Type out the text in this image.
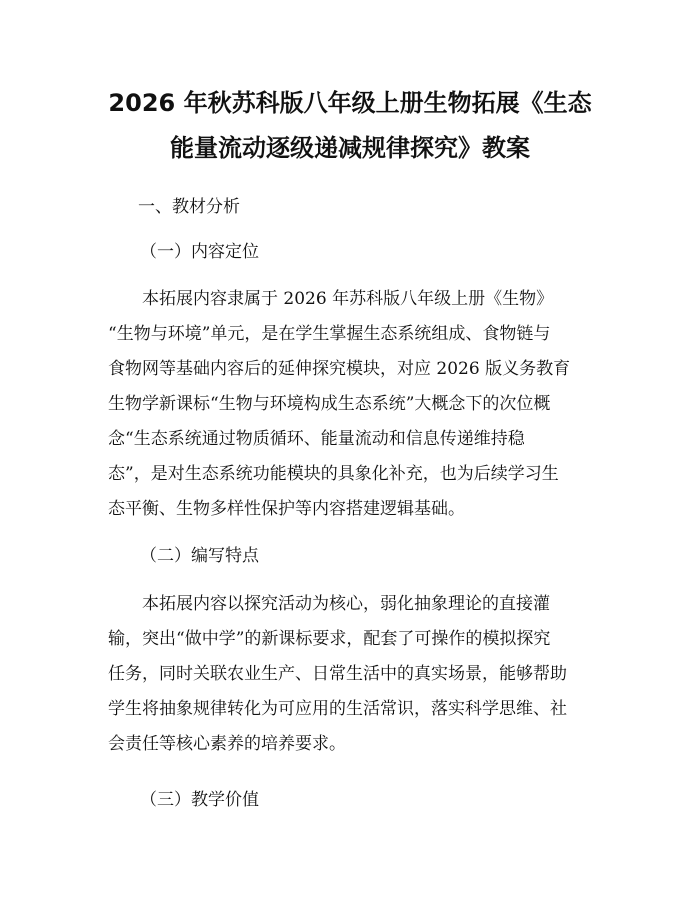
2026 年秋苏科版八年级上册生物拓展《生态
能量流动逐级递减规律探究》教案

一、教材分析

（一）内容定位

　　本拓展内容隶属于 2026 年苏科版八年级上册《生物》
“生物与环境”单元，是在学生掌握生态系统组成、食物链与
食物网等基础内容后的延伸探究模块，对应 2026 版义务教育
生物学新课标“生物与环境构成生态系统”大概念下的次位概
念“生态系统通过物质循环、能量流动和信息传递维持稳
态”，是对生态系统功能模块的具象化补充，也为后续学习生
态平衡、生物多样性保护等内容搭建逻辑基础。

（二）编写特点

　　本拓展内容以探究活动为核心，弱化抽象理论的直接灌
输，突出“做中学”的新课标要求，配套了可操作的模拟探究
任务，同时关联农业生产、日常生活中的真实场景，能够帮助
学生将抽象规律转化为可应用的生活常识，落实科学思维、社
会责任等核心素养的培养要求。

（三）教学价值
